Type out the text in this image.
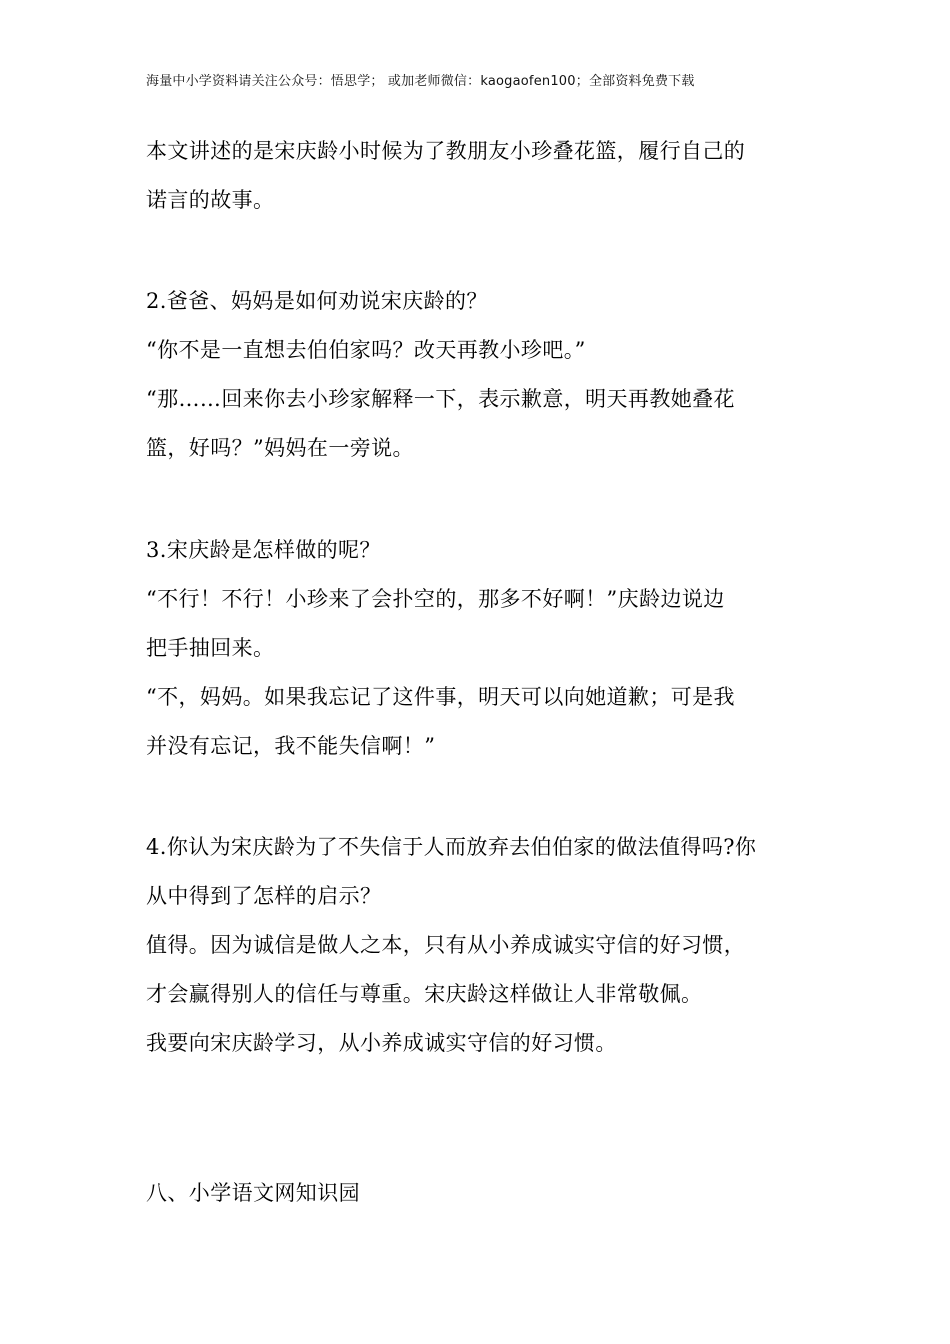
海量中小学资料请关注公众号：悟思学； 或加老师微信：kaogaofen100；全部资料免费下载
本文讲述的是宋庆龄小时候为了教朋友小珍叠花篮，履行自己的
诺言的故事。
2.爸爸、妈妈是如何劝说宋庆龄的？
“你不是一直想去伯伯家吗？改天再教小珍吧。”
“那……回来你去小珍家解释一下，表示歉意，明天再教她叠花
篮，好吗？”妈妈在一旁说。
3.宋庆龄是怎样做的呢？
“不行！不行！小珍来了会扑空的，那多不好啊！”庆龄边说边
把手抽回来。
“不，妈妈。如果我忘记了这件事，明天可以向她道歉；可是我
并没有忘记，我不能失信啊！”
4.你认为宋庆龄为了不失信于人而放弃去伯伯家的做法值得吗?你
从中得到了怎样的启示？
值得。因为诚信是做人之本，只有从小养成诚实守信的好习惯，
才会赢得别人的信任与尊重。宋庆龄这样做让人非常敬佩。
我要向宋庆龄学习，从小养成诚实守信的好习惯。
八、小学语文网知识园
